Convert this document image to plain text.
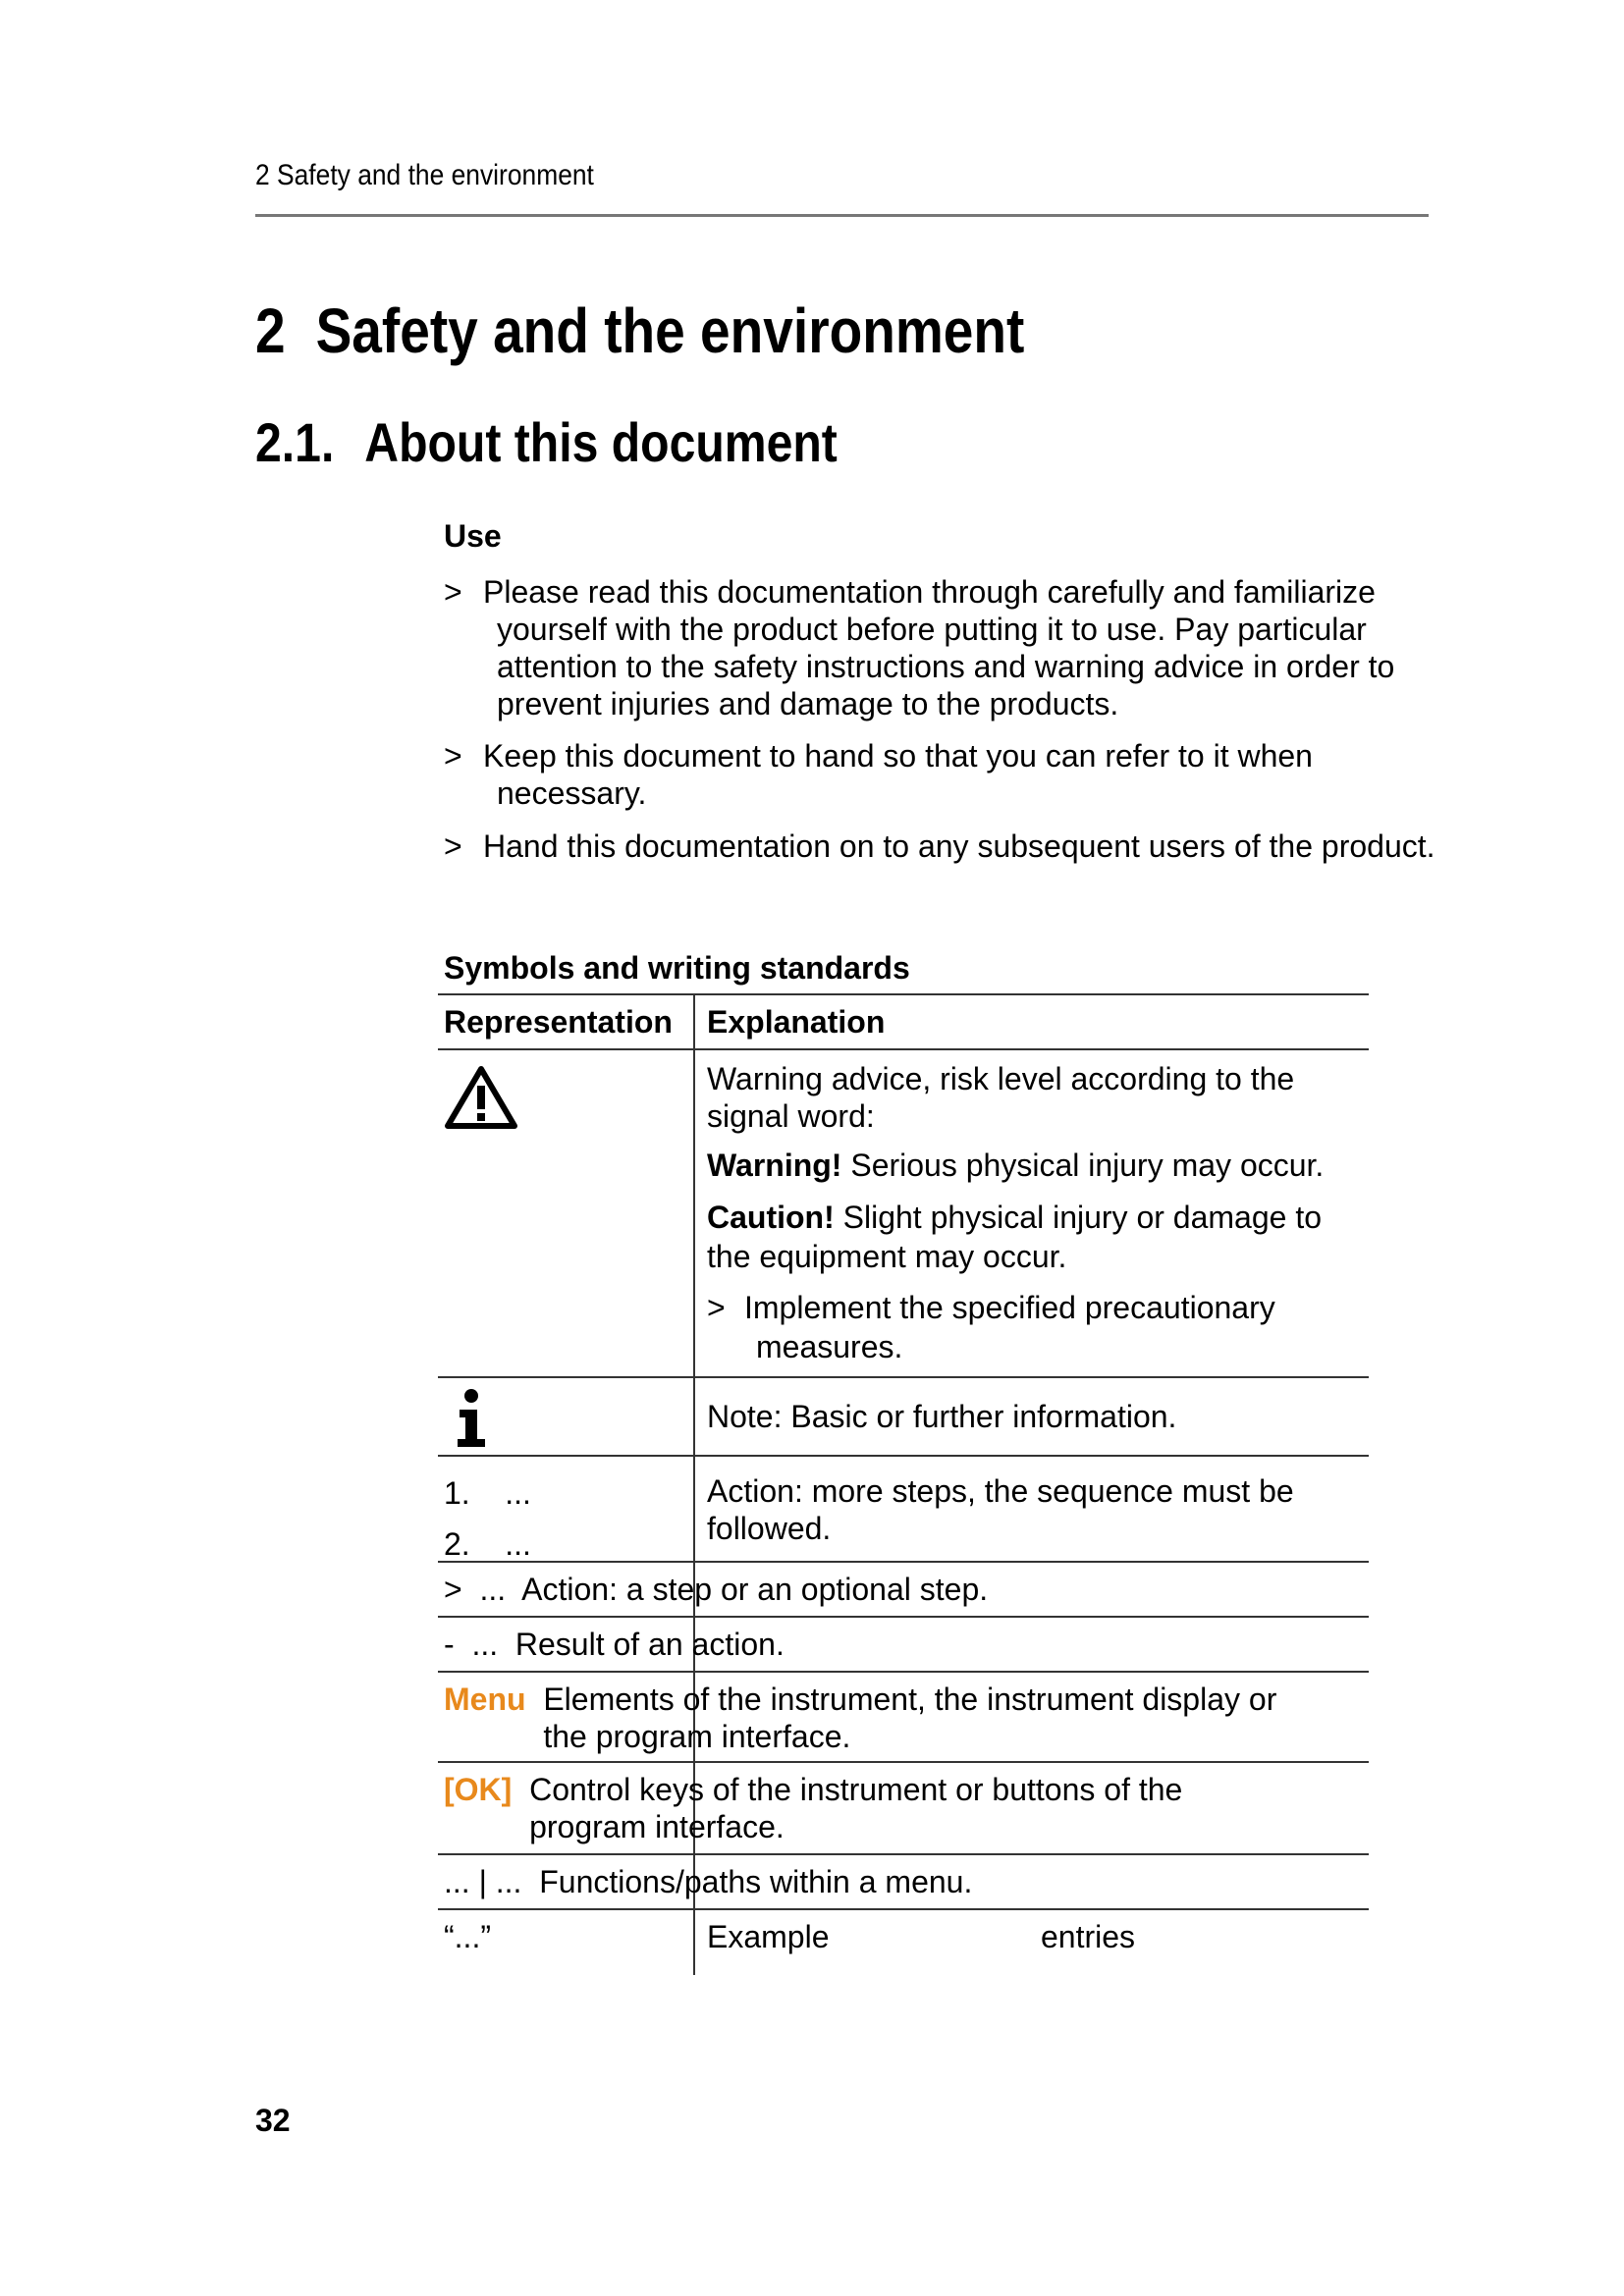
2 Safety and the environment
2 Safety and the environment
2.1. About this document
Use
> Please read this documentation through carefully and familiarize yourself with the product before putting it to use. Pay particular attention to the safety instructions and warning advice in order to prevent injuries and damage to the products.
> Keep this document to hand so that you can refer to it when necessary.
> Hand this documentation on to any subsequent users of the product.
Symbols and writing standards
Representation Explanation
Warning advice, risk level according to the signal word:
Warning! Serious physical injury may occur.
Caution! Slight physical injury or damage to the equipment may occur.
> Implement the specified precautionary measures.
Note: Basic or further information.
1.    ...
2.    ...
Action: more steps, the sequence must be followed.
>  ... Action: a step or an optional step.
-  ... Result of an action.
Menu Elements of the instrument, the instrument display or the program interface.
[OK] Control keys of the instrument or buttons of the program interface.
... | ... Functions/paths within a menu.
“...”	Example	entries
32
